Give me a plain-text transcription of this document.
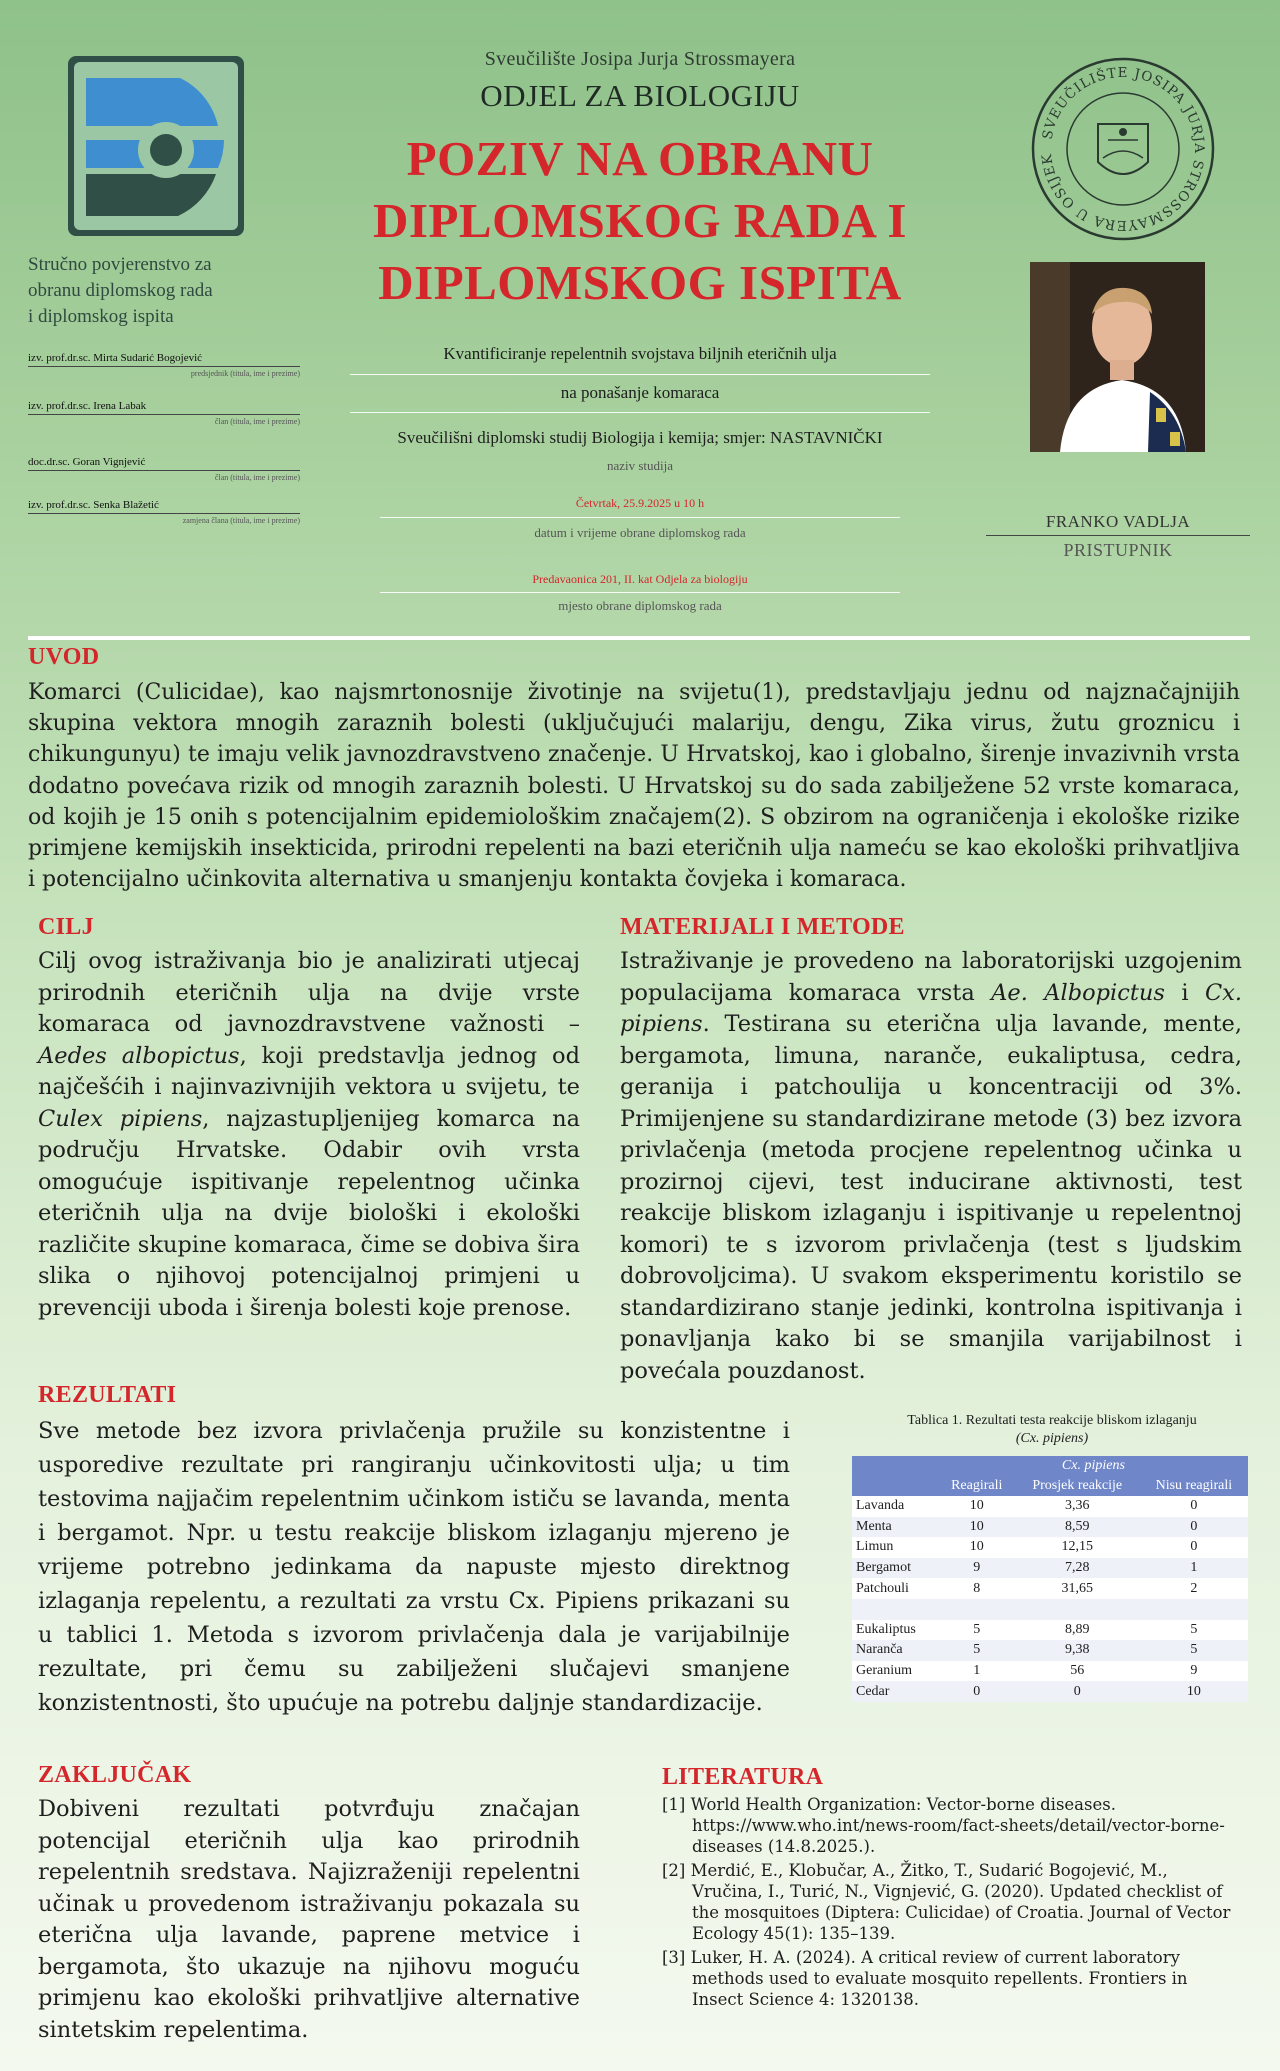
Stručno povjerenstvo za
obranu diplomskog rada
i diplomskog ispita
izv. prof.dr.sc. Mirta Sudarić Bogojević
predsjednik (titula, ime i prezime)
izv. prof.dr.sc. Irena Labak
član (titula, ime i prezime)
doc.dr.sc. Goran Vignjević
član (titula, ime i prezime)
izv. prof.dr.sc. Senka Blažetić
zamjena člana (titula, ime i prezime)
Sveučilište Josipa Jurja Strossmayera
ODJEL ZA BIOLOGIJU
POZIV NA OBRANU
DIPLOMSKOG RADA I
DIPLOMSKOG ISPITA
Kvantificiranje repelentnih svojstava biljnih eteričnih ulja
na ponašanje komaraca
Sveučilišni diplomski studij Biologija i kemija; smjer: NASTAVNIČKI
naziv studija
Četvrtak, 25.9.2025 u 10 h
datum i vrijeme obrane diplomskog rada
Predavaonica 201, II. kat Odjela za biologiju
mjesto obrane diplomskog rada
SVEUČILIŠTE JOSIPA JURJA STROSSMAYERA U OSIJEK
FRANKO VADLJA
PRISTUPNIK
UVOD
Komarci (Culicidae), kao najsmrtonosnije životinje na svijetu(1), predstavljaju jednu od najznačajnijih skupina vektora mnogih zaraznih bolesti (uključujući malariju, dengu, Zika virus, žutu groznicu i chikungunyu) te imaju velik javnozdravstveno značenje. U Hrvatskoj, kao i globalno, širenje invazivnih vrsta dodatno povećava rizik od mnogih zaraznih bolesti. U Hrvatskoj su do sada zabilježene 52 vrste komaraca, od kojih je 15 onih s potencijalnim epidemiološkim značajem(2). S obzirom na ograničenja i ekološke rizike primjene kemijskih insekticida, prirodni repelenti na bazi eteričnih ulja nameću se kao ekološki prihvatljiva i potencijalno učinkovita alternativa u smanjenju kontakta čovjeka i komaraca.
CILJ
Cilj ovog istraživanja bio je analizirati utjecaj prirodnih eteričnih ulja na dvije vrste komaraca od javnozdravstvene važnosti – Aedes albopictus, koji predstavlja jednog od najčešćih i najinvazivnijih vektora u svijetu, te Culex pipiens, najzastupljenijeg komarca na području Hrvatske. Odabir ovih vrsta omogućuje ispitivanje repelentnog učinka eteričnih ulja na dvije biološki i ekološki različite skupine komaraca, čime se dobiva šira slika o njihovoj potencijalnoj primjeni u prevenciji uboda i širenja bolesti koje prenose.
MATERIJALI I METODE
Istraživanje je provedeno na laboratorijski uzgojenim populacijama komaraca vrsta Ae. Albopictus i Cx. pipiens. Testirana su eterična ulja lavande, mente, bergamota, limuna, naranče, eukaliptusa, cedra, geranija i patchoulija u koncentraciji od 3%. Primijenjene su standardizirane metode (3) bez izvora privlačenja (metoda procjene repelentnog učinka u prozirnoj cijevi, test inducirane aktivnosti, test reakcije bliskom izlaganju i ispitivanje u repelentnoj komori) te s izvorom privlačenja (test s ljudskim dobrovoljcima). U svakom eksperimentu koristilo se standardizirano stanje jedinki, kontrolna ispitivanja i ponavljanja kako bi se smanjila varijabilnost i povećala pouzdanost.
REZULTATI
Sve metode bez izvora privlačenja pružile su konzistentne i usporedive rezultate pri rangiranju učinkovitosti ulja; u tim testovima najjačim repelentnim učinkom ističu se lavanda, menta i bergamot. Npr. u testu reakcije bliskom izlaganju mjereno je vrijeme potrebno jedinkama da napuste mjesto direktnog izlaganja repelentu, a rezultati za vrstu Cx. Pipiens prikazani su u tablici 1. Metoda s izvorom privlačenja dala je varijabilnije rezultate, pri čemu su zabilježeni slučajevi smanjene konzistentnosti, što upućuje na potrebu daljnje standardizacije.
Tablica 1. Rezultati testa reakcije bliskom izlaganju
(Cx. pipiens)
	Cx. pipiens		
	Reagirali	Prosjek reakcije	Nisu reagirali
Lavanda	10	3,36	0
Menta	10	8,59	0
Limun	10	12,15	0
Bergamot	9	7,28	1
Patchouli	8	31,65	2

Eukaliptus	5	8,89	5
Naranča	5	9,38	5
Geranium	1	56	9
Cedar	0	0	10
ZAKLJUČAK
Dobiveni rezultati potvrđuju značajan potencijal eteričnih ulja kao prirodnih repelentnih sredstava. Najizraženiji repelentni učinak u provedenom istraživanju pokazala su eterična ulja lavande, paprene metvice i bergamota, što ukazuje na njihovu moguću primjenu kao ekološki prihvatljive alternative sintetskim repelentima.
LITERATURA
[1] World Health Organization: Vector-borne diseases. https://www.who.int/news-room/fact-sheets/detail/vector-borne-diseases (14.8.2025.).
[2] Merdić, E., Klobučar, A., Žitko, T., Sudarić Bogojević, M., Vručina, I., Turić, N., Vignjević, G. (2020). Updated checklist of the mosquitoes (Diptera: Culicidae) of Croatia. Journal of Vector Ecology 45(1): 135–139.
[3] Luker, H. A. (2024). A critical review of current laboratory methods used to evaluate mosquito repellents. Frontiers in Insect Science 4: 1320138.
